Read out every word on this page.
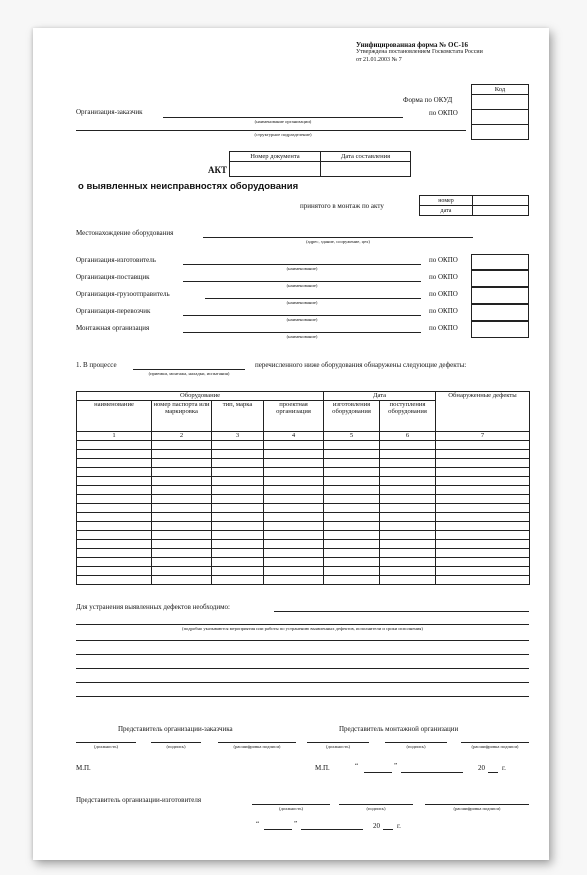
Унифицированная форма № ОС-16
Утверждена постановлением Госкомстата России
от 21.01.2003 № 7
Код

Форма по ОКУД
по ОКПО
Организация-заказчик
(наименование организации)
(структурное подразделение)
АКТ
Номер документа	Дата составления

о выявленных неисправностях оборудования
принятого в монтаж по акту
номер	
дата	
Местонахождение оборудования
(адрес, здание, сооружение, цех)
Организация-изготовитель
(наименование)
по ОКПО
Организация-поставщик
(наименование)
по ОКПО
Организация-грузоотправитель
(наименование)
по ОКПО
Организация-перевозчик
(наименование)
по ОКПО
Монтажная организация
(наименование)
по ОКПО
1. В процессе
(приемки, монтажа, наладки, испытания)
перечисленного ниже оборудования обнаружены следующие дефекты:
Оборудование				Дата		Обнаруженные дефекты
наименование	номер паспорта или маркировка	тип, марка	проектная организация	изготовления оборудования	поступления оборудования	
1	2	3	4	5	6	7

Для устранения выявленных дефектов необходимо:
(подробно указываются мероприятия или работы по устранению выявленных дефектов, исполнители и сроки исполнения)
Представитель организации-заказчика	Представитель монтажной организации
(должность)	(подпись)	(расшифровка подписи)	(должность)	(подпись)	(расшифровка подписи)
М.П.	М.П.	“	”	20 г.
Представитель организации-изготовителя
(должность)	(подпись)	(расшифровка подписи)
“	”	20 г.
